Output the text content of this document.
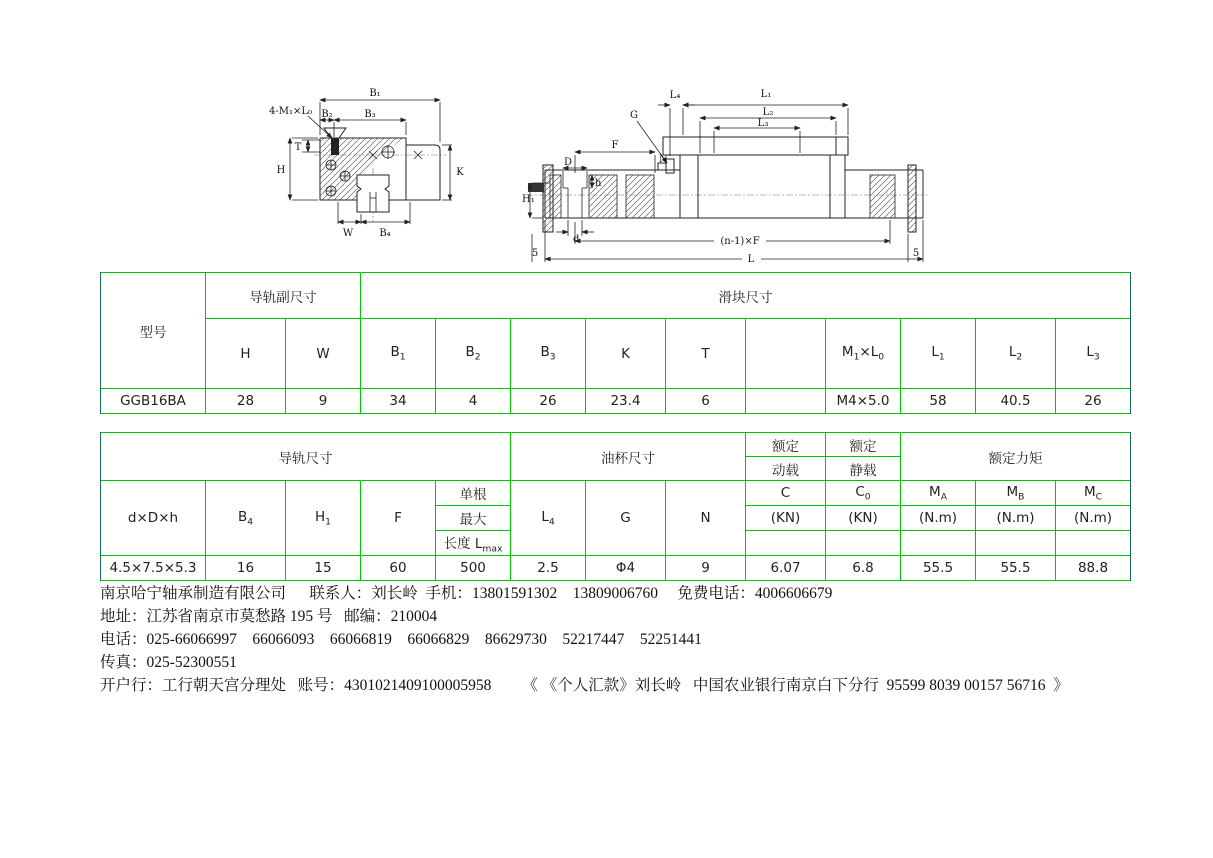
B₁
4-M₁×L₀ B₂	B₃
T
H	K
W	B₄
G
L₄	L₁
L₂
L₃
F
N
D
h
H₁
d	(n-1)×F
L
5	5
型号	导轨副尺寸		滑块尺寸									
	H	W	$B_1$	$B_2$	$B_3$	K	T		$M_1\times L_0$	$L_1$	$L_2$	$L_3$
GGB16BA	28	9	34	4	26	23.4	6		M4×5.0	58	40.5	26
导轨尺寸					油杯尺寸			额定	额定	额定力矩		
								动载	静载			
d×D×h	$B_4$	$H_1$	F	单根	$L_4$	G	N	C	$C_0$	$M_A$	$M_B$	$M_C$
				最大				(KN)	(KN)	(N.m)	(N.m)	(N.m)
				长度 $L_{max}$					
4.5×7.5×5.3	16	15	60	500	2.5	Φ4	9	6.07	6.8	55.5	55.5	88.8
南京哈宁轴承制造有限公司      联系人：刘长岭  手机：13801591302    13809006760     免费电话：4006606679
地址：江苏省南京市莫愁路 195 号   邮编：210004
电话：025-66066997    66066093    66066819    66066829    86629730    52217447    52251441
传真：025-52300551
开户行：工行朝天宫分理处   账号：4301021409100005958        《 《个人汇款》刘长岭   中国农业银行南京白下分行  95599 8039 00157 56716  》
